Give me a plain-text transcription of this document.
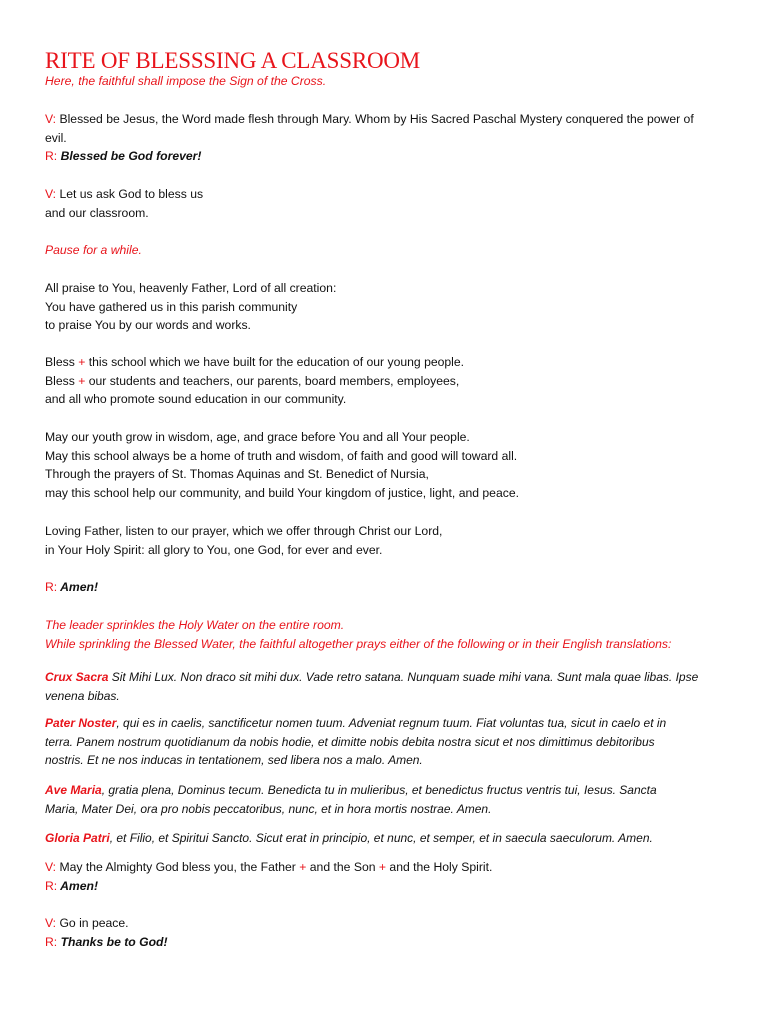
RITE OF BLESSSING A CLASSROOM
Here, the faithful shall impose the Sign of the Cross.

V: Blessed be Jesus, the Word made flesh through Mary. Whom by His Sacred Paschal Mystery conquered the power of

evil.

R: Blessed be God forever!

V: Let us ask God to bless us

and our classroom.

Pause for a while.

All praise to You, heavenly Father, Lord of all creation:

You have gathered us in this parish community

to praise You by our words and works.

Bless + this school which we have built for the education of our young people.

Bless + our students and teachers, our parents, board members, employees,

and all who promote sound education in our community.

May our youth grow in wisdom, age, and grace before You and all Your people.

May this school always be a home of truth and wisdom, of faith and good will toward all.

Through the prayers of St. Thomas Aquinas and St. Benedict of Nursia,

may this school help our community, and build Your kingdom of justice, light, and peace.

Loving Father, listen to our prayer, which we offer through Christ our Lord,

in Your Holy Spirit: all glory to You, one God, for ever and ever.

R: Amen!

The leader sprinkles the Holy Water on the entire room.

While sprinkling the Blessed Water, the faithful altogether prays either of the following or in their English translations:

Crux Sacra Sit Mihi Lux. Non draco sit mihi dux. Vade retro satana. Nunquam suade mihi vana. Sunt mala quae libas. Ipse

venena bibas.

Pater Noster, qui es in caelis, sanctificetur nomen tuum. Adveniat regnum tuum. Fiat voluntas tua, sicut in caelo et in

terra. Panem nostrum quotidianum da nobis hodie, et dimitte nobis debita nostra sicut et nos dimittimus debitoribus

nostris. Et ne nos inducas in tentationem, sed libera nos a malo. Amen.

Ave Maria, gratia plena, Dominus tecum. Benedicta tu in mulieribus, et benedictus fructus ventris tui, Iesus. Sancta

Maria, Mater Dei, ora pro nobis peccatoribus, nunc, et in hora mortis nostrae. Amen.

Gloria Patri, et Filio, et Spiritui Sancto. Sicut erat in principio, et nunc, et semper, et in saecula saeculorum. Amen.

V: May the Almighty God bless you, the Father + and the Son + and the Holy Spirit.

R: Amen!

V: Go in peace.

R: Thanks be to God!
